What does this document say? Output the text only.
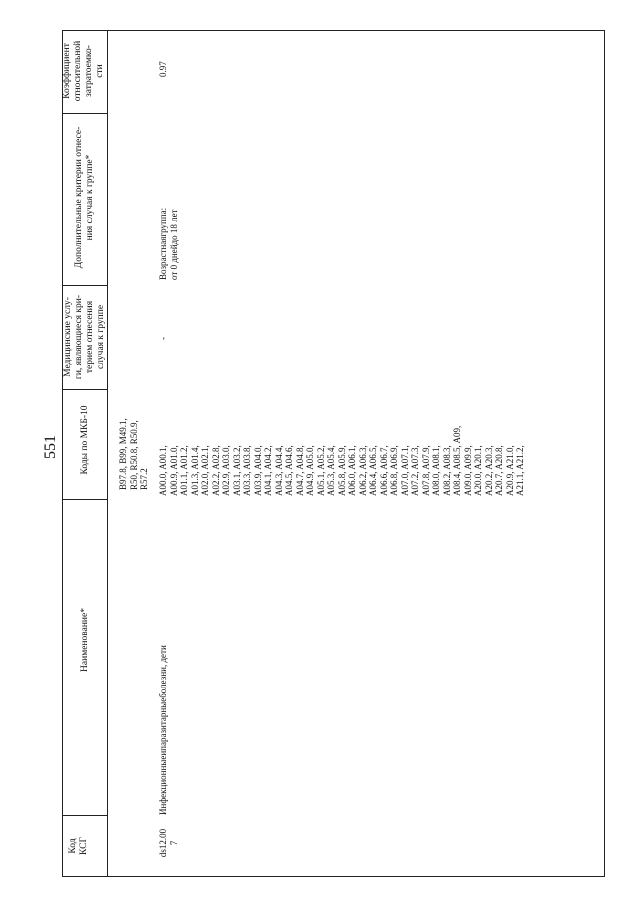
551
Код КСГ
Наименование*
Коды по МКБ-10
Медицинские услу- ги, являющиеся кри- терием отнесения случая к группе
Дополнительные критерии отнесе- ния случая к группе*
Коэффициент относительной затратоемко- сти
B97.8, B99, M49.1, R50, R50.8, R50.9, R57.2
ds12.00 7
Инфекционныеипаразитарныеболезни, дети
A00.0, A00.1, A00.9, A01.0, A01.1, A01.2, A01.3, A01.4, A02.0, A02.1, A02.2, A02.8, A02.9, A03.0, A03.1, A03.2, A03.3, A03.8, A03.9, A04.0, A04.1, A04.2, A04.3, A04.4, A04.5, A04.6, A04.7, A04.8, A04.9, A05.0, A05.1, A05.2, A05.3, A05.4, A05.8, A05.9, A06.0, A06.1, A06.2, A06.3, A06.4, A06.5, A06.6, A06.7, A06.8, A06.9, A07.0, A07.1, A07.2, A07.3, A07.8, A07.9, A08.0, A08.1, A08.2, A08.3, A08.4, A08.5, A09, A09.0, A09.9, A20.0, A20.1, A20.2, A20.3, A20.7, A20.8, A20.9, A21.0, A21.1, A21.2,
-
Возрастнаягруппа: от 0 днейдо 18 лет
0.97
